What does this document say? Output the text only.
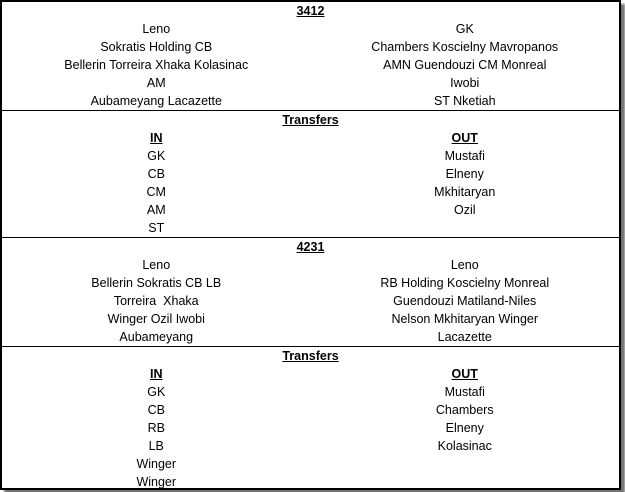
3412
Leno	GK
Sokratis Holding CB	Chambers Koscielny Mavropanos
Bellerin Torreira Xhaka Kolasinac	AMN Guendouzi CM Monreal
AM	Iwobi
Aubameyang Lacazette	ST Nketiah
Transfers
IN	OUT
GK	Mustafi
CB	Elneny
CM	Mkhitaryan
AM	Ozil
ST
4231
Leno	Leno
Bellerin Sokratis CB LB	RB Holding Koscielny Monreal
Torreira  Xhaka	Guendouzi Matiland-Niles
Winger Ozil Iwobi	Nelson Mkhitaryan Winger
Aubameyang	Lacazette
Transfers
IN	OUT
GK	Mustafi
CB	Chambers
RB	Elneny
LB	Kolasinac
Winger
Winger
